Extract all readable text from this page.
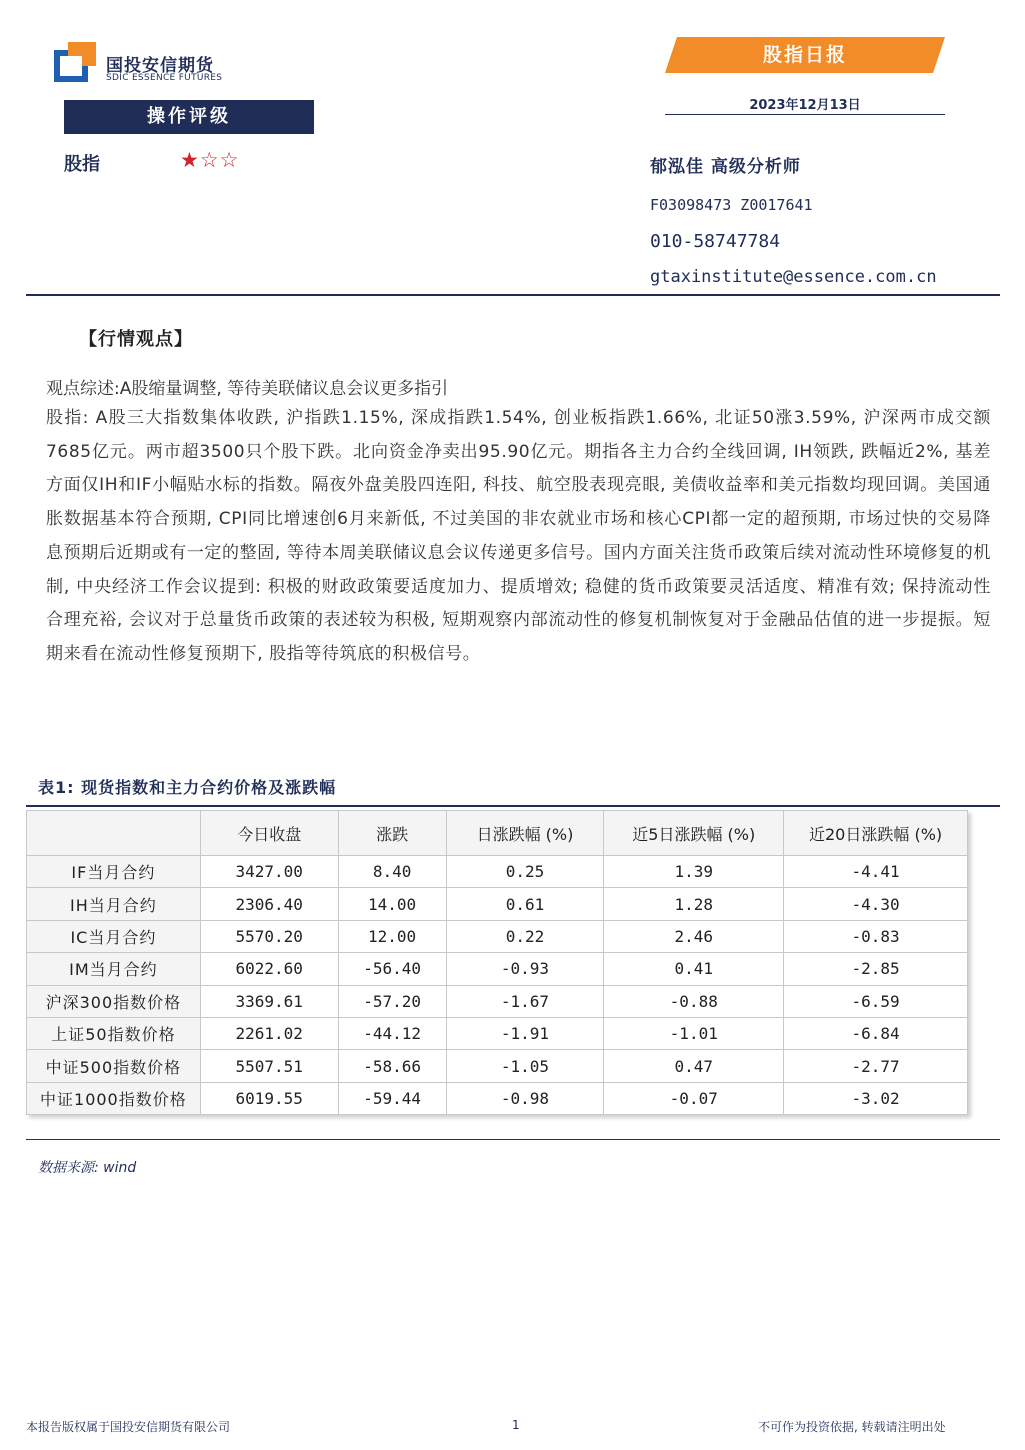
国投安信期货
SDIC ESSENCE FUTURES
股指日报
2023年12月13日
操作评级
股指	★☆☆	郁泓佳 高级分析师
F03098473 Z0017641
010-58747784
gtaxinstitute@essence.com.cn
【行情观点】
观点综述:A股缩量调整, 等待美联储议息会议更多指引
股指: A股三大指数集体收跌, 沪指跌1.15%, 深成指跌1.54%, 创业板指跌1.66%, 北证50涨3.59%, 沪深两市成交额7685亿元。两市超3500只个股下跌。北向资金净卖出95.90亿元。期指各主力合约全线回调, IH领跌, 跌幅近2%, 基差方面仅IH和IF小幅贴水标的指数。隔夜外盘美股四连阳, 科技、航空股表现亮眼, 美债收益率和美元指数均现回调。美国通胀数据基本符合预期, CPI同比增速创6月来新低, 不过美国的非农就业市场和核心CPI都一定的超预期, 市场过快的交易降息预期后近期或有一定的整固, 等待本周美联储议息会议传递更多信号。国内方面关注货币政策后续对流动性环境修复的机制, 中央经济工作会议提到: 积极的财政政策要适度加力、提质增效; 稳健的货币政策要灵活适度、精准有效; 保持流动性合理充裕, 会议对于总量货币政策的表述较为积极, 短期观察内部流动性的修复机制恢复对于金融品估值的进一步提振。短期来看在流动性修复预期下, 股指等待筑底的积极信号。
表1: 现货指数和主力合约价格及涨跌幅
	今日收盘	涨跌	日涨跌幅 (%)	近5日涨跌幅 (%)	近20日涨跌幅 (%)
IF当月合约	3427.00	8.40	0.25	1.39	-4.41
IH当月合约	2306.40	14.00	0.61	1.28	-4.30
IC当月合约	5570.20	12.00	0.22	2.46	-0.83
IM当月合约	6022.60	-56.40	-0.93	0.41	-2.85
沪深300指数价格	3369.61	-57.20	-1.67	-0.88	-6.59
上证50指数价格	2261.02	-44.12	-1.91	-1.01	-6.84
中证500指数价格	5507.51	-58.66	-1.05	0.47	-2.77
中证1000指数价格	6019.55	-59.44	-0.98	-0.07	-3.02
数据来源: wind
本报告版权属于国投安信期货有限公司	1	不可作为投资依据, 转载请注明出处
